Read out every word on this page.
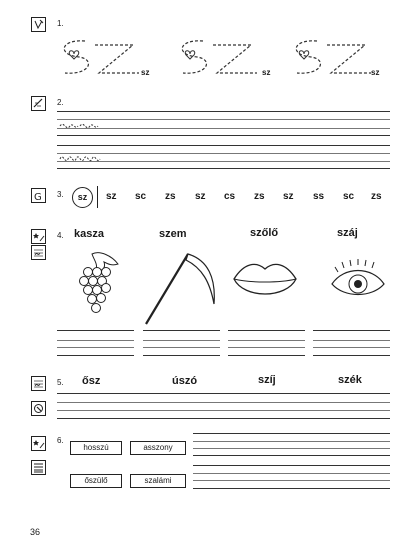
1.
sz	sz	sz
2.
G 3.	sz	sz sc zs sz cs zs sz ss sc zs
4. kasza	szem	szőlő	száj
5. ősz	úszó	szíj	szék
6.
hosszú	asszony
őszülő	szalámi
36
